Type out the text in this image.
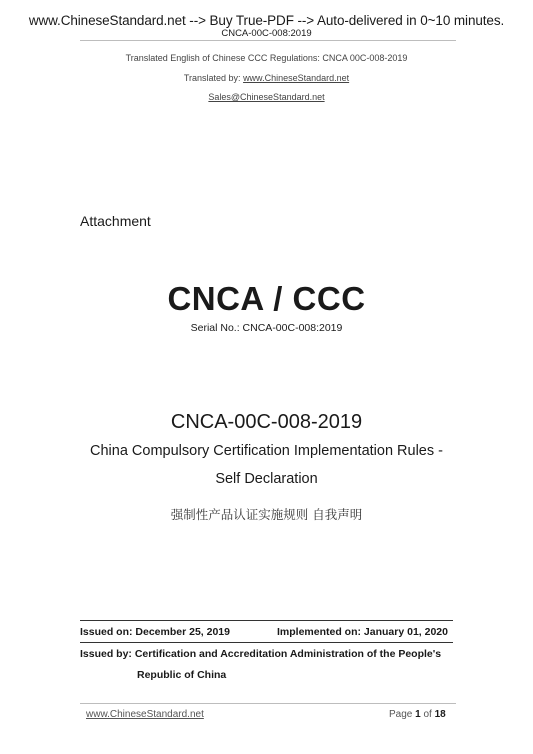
www.ChineseStandard.net --> Buy True-PDF --> Auto-delivered in 0~10 minutes.
CNCA-00C-008:2019
Translated English of Chinese CCC Regulations: CNCA 00C-008-2019
Translated by: www.ChineseStandard.net
Sales@ChineseStandard.net
Attachment
CNCA / CCC
Serial No.: CNCA-00C-008:2019
CNCA-00C-008-2019
China Compulsory Certification Implementation Rules -
Self Declaration
强制性产品认证实施规则 自我声明
Issued on: December 25, 2019	Implemented on: January 01, 2020
Issued by: Certification and Accreditation Administration of the People's
Republic of China
www.ChineseStandard.net	Page 1 of 18
